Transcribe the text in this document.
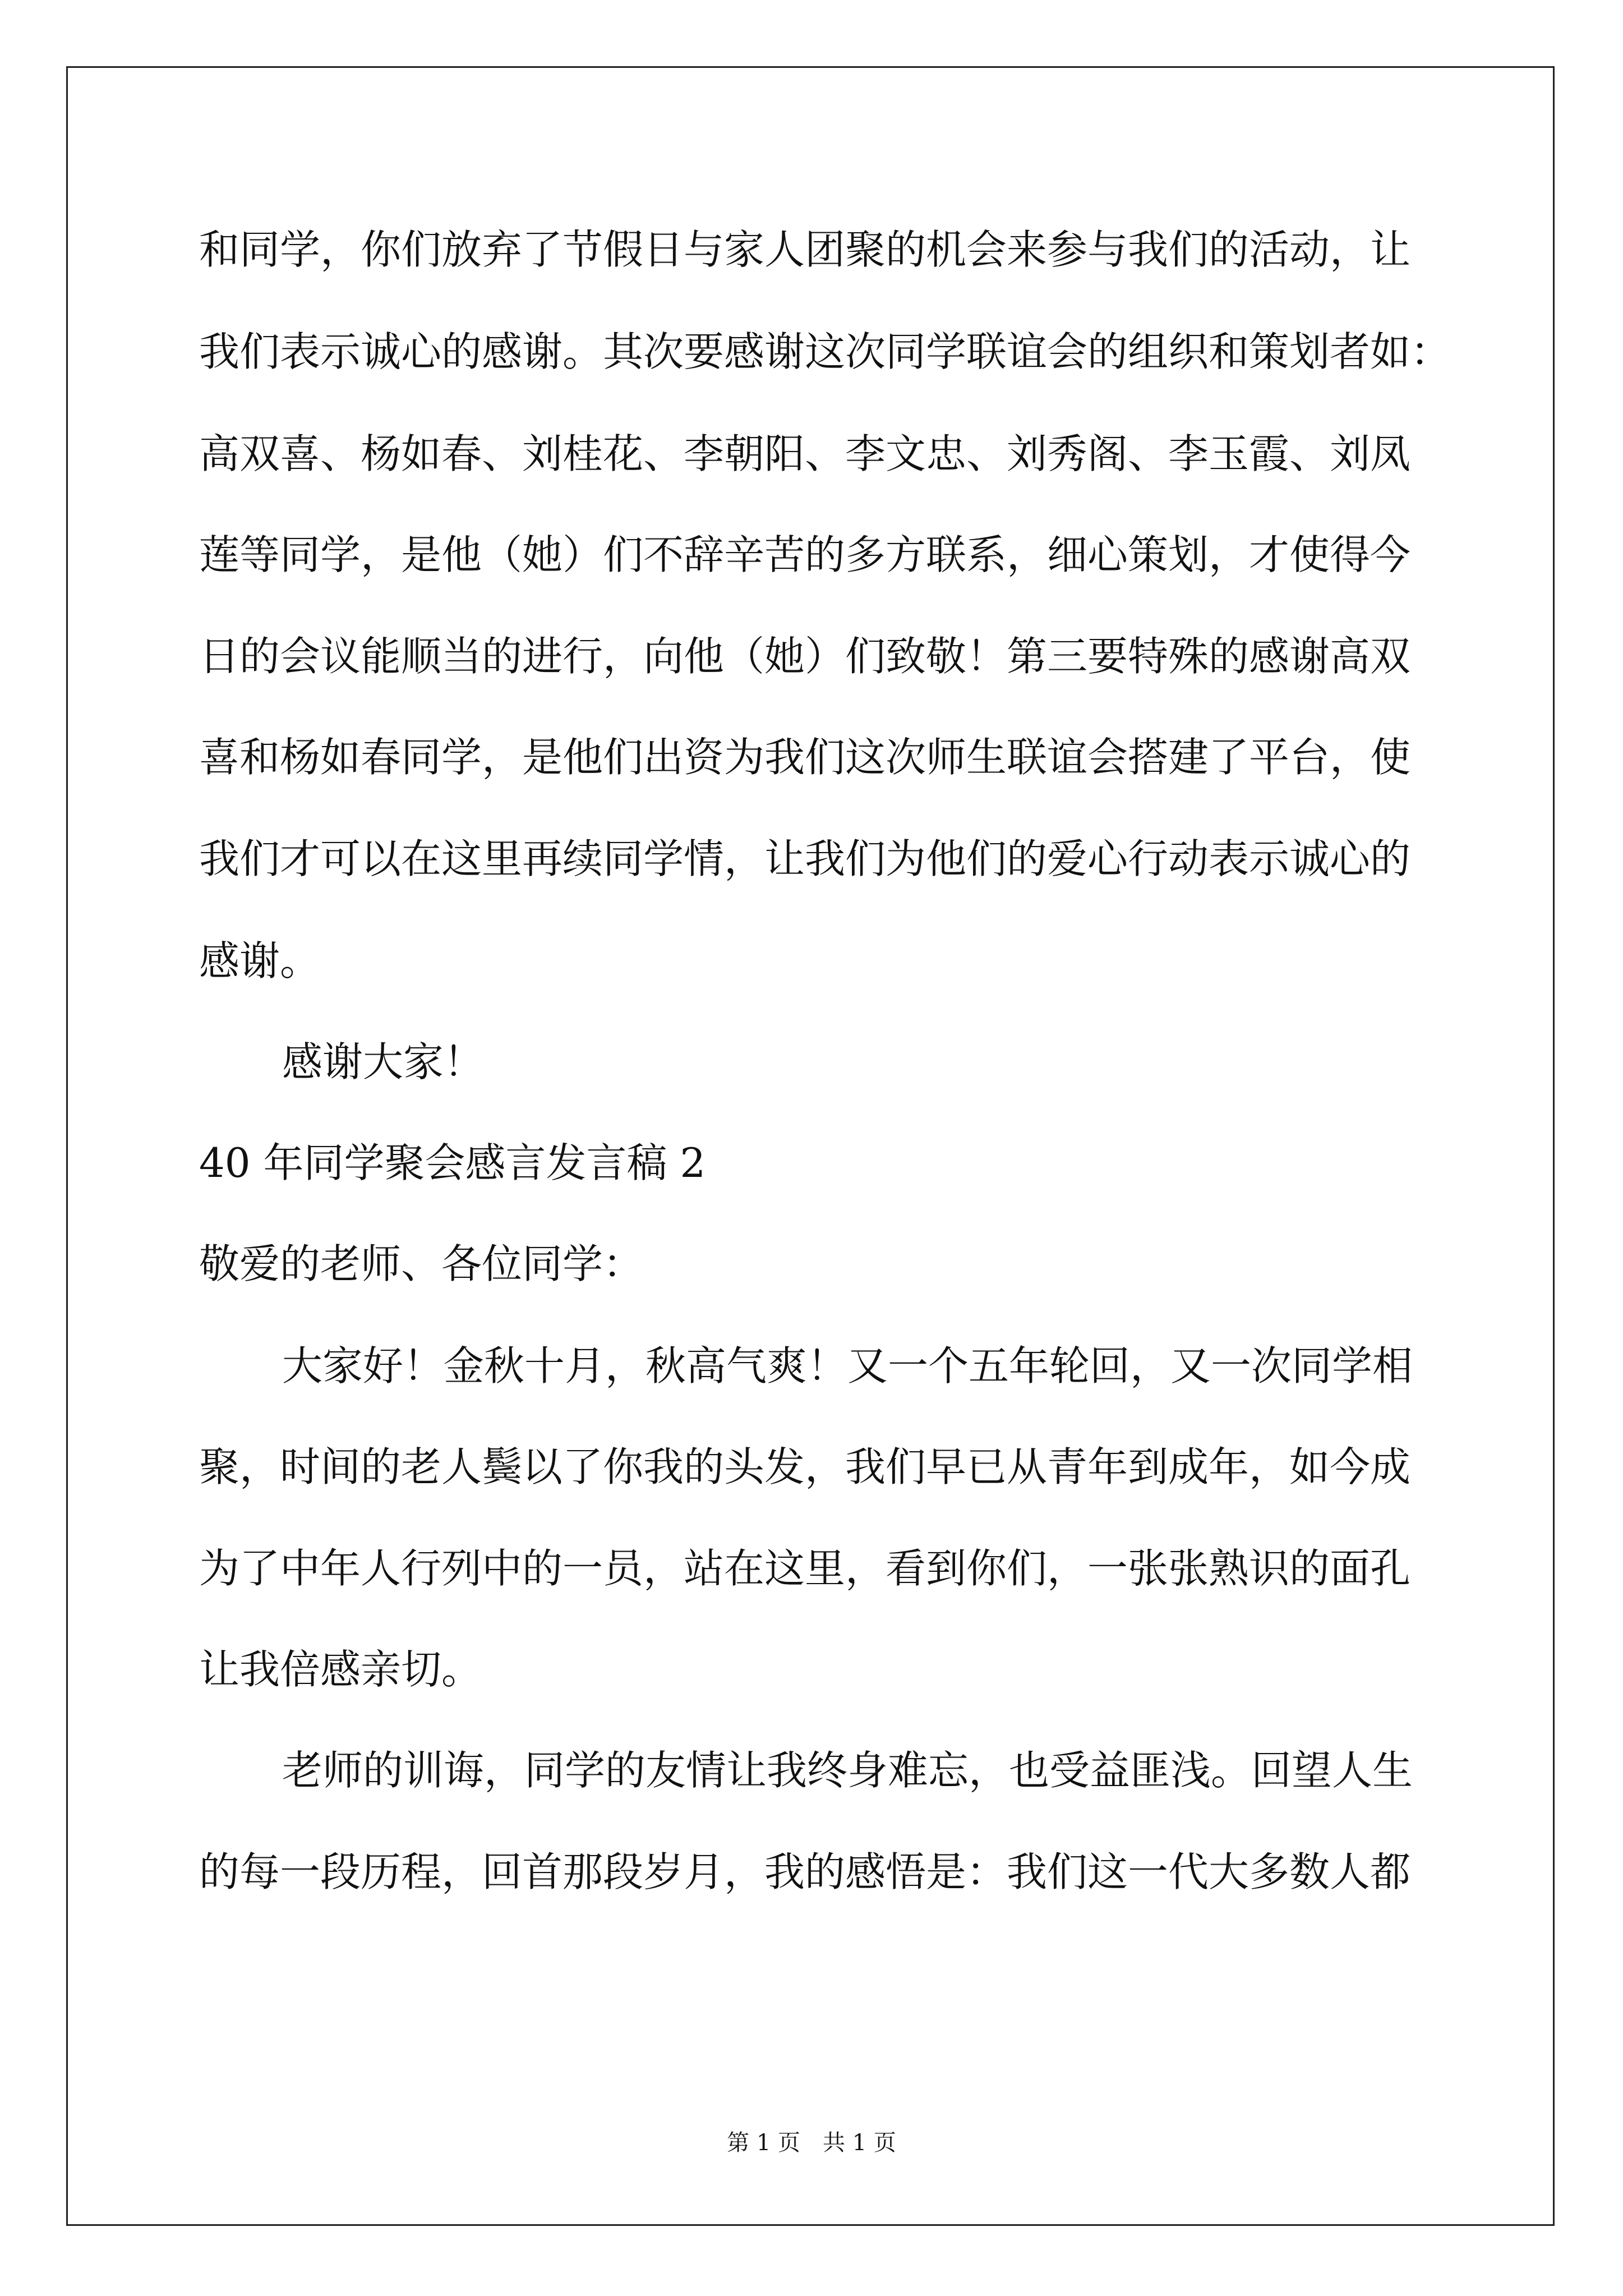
和同学，你们放弃了节假日与家人团聚的机会来参与我们的活动，让
我们表示诚心的感谢。其次要感谢这次同学联谊会的组织和策划者如：
高双喜、杨如春、刘桂花、李朝阳、李文忠、刘秀阁、李玉霞、刘凤
莲等同学，是他（她）们不辞辛苦的多方联系，细心策划，才使得今
日的会议能顺当的进行，向他（她）们致敬！第三要特殊的感谢高双
喜和杨如春同学，是他们出资为我们这次师生联谊会搭建了平台，使
我们才可以在这里再续同学情，让我们为他们的爱心行动表示诚心的
感谢。
感谢大家！
40 年同学聚会感言发言稿 2
敬爱的老师、各位同学：
大家好！金秋十月，秋高气爽！又一个五年轮回，又一次同学相
聚，时间的老人鬓以了你我的头发，我们早已从青年到成年，如今成
为了中年人行列中的一员，站在这里，看到你们，一张张熟识的面孔
让我倍感亲切。
老师的训诲，同学的友情让我终身难忘，也受益匪浅。回望人生
的每一段历程，回首那段岁月，我的感悟是：我们这一代大多数人都
第 1 页 共 1 页
